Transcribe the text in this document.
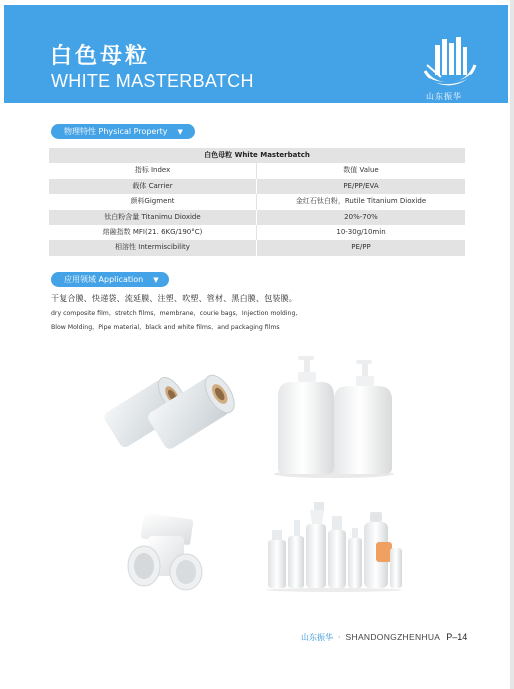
白色母粒
WHITE MASTERBATCH
山东振华
物理特性 Physical Property ▼
白色母粒 White Masterbatch
指标 Index	数值 Value
载体 Carrier	PE/PP/EVA
颜料Gigment	金红石钛白粉，Rutile Titanium Dioxide
钛白粉含量 Titanimu Dioxide	20%-70%
熔融指数 MFI(21. 6KG/190°C)	10-30g/10min
相溶性 Intermiscibility	PE/PP
应用领域 Application ▼
干复合膜、快递袋、流延膜、注塑、吹塑、管材、黑白膜、包装膜。
dry composite film，stretch films，membrane，courie bags，Injection molding,
Blow Molding，Pipe material，black and white films，and packaging films
山东振华 · SHANDONGZHENHUA P–14
